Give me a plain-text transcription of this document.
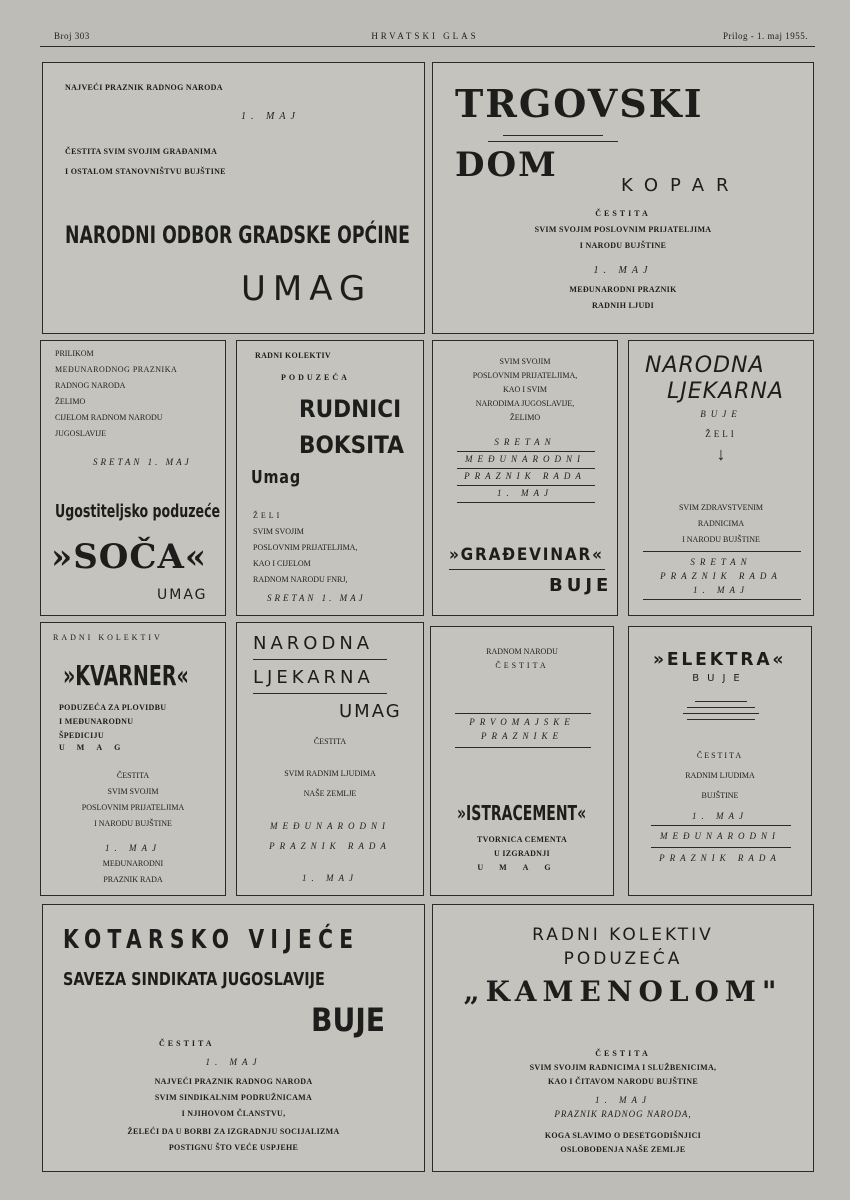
Broj 303	HRVATSKI GLAS	Prilog - 1. maj 1955.
NAJVEĆI PRAZNIK RADNOG NARODA
1. MAJ
ČESTITA SVIM SVOJIM GRAĐANIMA
I OSTALOM STANOVNIŠTVU BUJŠTINE
NARODNI ODBOR GRADSKE OPĆINE
UMAG
TRGOVSKI
DOM
KOPAR
ČESTITA
SVIM SVOJIM POSLOVNIM PRIJATELJIMA
I NARODU BUJŠTINE
1. MAJ
MEĐUNARODNI PRAZNIK
RADNIH LJUDI
PRILIKOM
MEĐUNARODNOG PRAZNIKA
RADNOG NARODA
ŽELIMO
CIJELOM RADNOM NARODU
JUGOSLAVIJE
SRETAN 1. MAJ
Ugostiteljsko poduzeće
»SOČA«
UMAG
RADNI KOLEKTIV
PODUZEĆA
RUDNICI
BOKSITA
Umag
ŽELI
SVIM SVOJIM
POSLOVNIM PRIJATELJIMA,
KAO I CIJELOM
RADNOM NARODU FNRJ,
SRETAN 1. MAJ
SVIM SVOJIM
POSLOVNIM PRIJATELJIMA,
KAO I SVIM
NARODIMA JUGOSLAVIJE,
ŽELIMO
SRETAN
MEĐUNARODNI
PRAZNIK RADA
1. MAJ
»GRAĐEVINAR«
BUJE
NARODNA
LJEKARNA
BUJE
ŽELI
↓
SVIM ZDRAVSTVENIM
RADNICIMA
I NARODU BUJŠTINE
SRETAN
PRAZNIK RADA
1. MAJ
RADNI KOLEKTIV
»KVARNER«
PODUZEĆA ZA PLOVIDBU
I MEĐUNARODNU
ŠPEDICIJU
UMAG
ČESTITA
SVIM SVOJIM
POSLOVNIM PRIJATELJIMA
I NARODU BUJŠTINE
1. MAJ
MEĐUNARODNI
PRAZNIK RADA
NARODNA
LJEKARNA
UMAG
ČESTITA
SVIM RADNIM LJUDIMA
NAŠE ZEMLJE
MEĐUNARODNI
PRAZNIK RADA
1. MAJ
RADNOM NARODU
ČESTITA
PRVOMAJSKE
PRAZNIKE
»ISTRACEMENT«
TVORNICA CEMENTA
U IZGRADNJI
UMAG
»ELEKTRA«
BUJE
ČESTITA
RADNIM LJUDIMA
BUJŠTINE
1. MAJ
MEĐUNARODNI
PRAZNIK RADA
KOTARSKO VIJEĆE
SAVEZA SINDIKATA JUGOSLAVIJE
BUJE
ČESTITA
1. MAJ
NAJVEĆI PRAZNIK RADNOG NARODA
SVIM SINDIKALNIM PODRUŽNICAMA
I NJIHOVOM ČLANSTVU,
ŽELEĆI DA U BORBI ZA IZGRADNJU SOCIJALIZMA
POSTIGNU ŠTO VEĆE USPJEHE
RADNI KOLEKTIV
PODUZEĆA
„KAMENOLOM"
ČESTITA
SVIM SVOJIM RADNICIMA I SLUŽBENICIMA,
KAO I ČITAVOM NARODU BUJŠTINE
1. MAJ
PRAZNIK RADNOG NARODA,
KOGA SLAVIMO O DESETGODIŠNJICI
OSLOBOĐENJA NAŠE ZEMLJE
